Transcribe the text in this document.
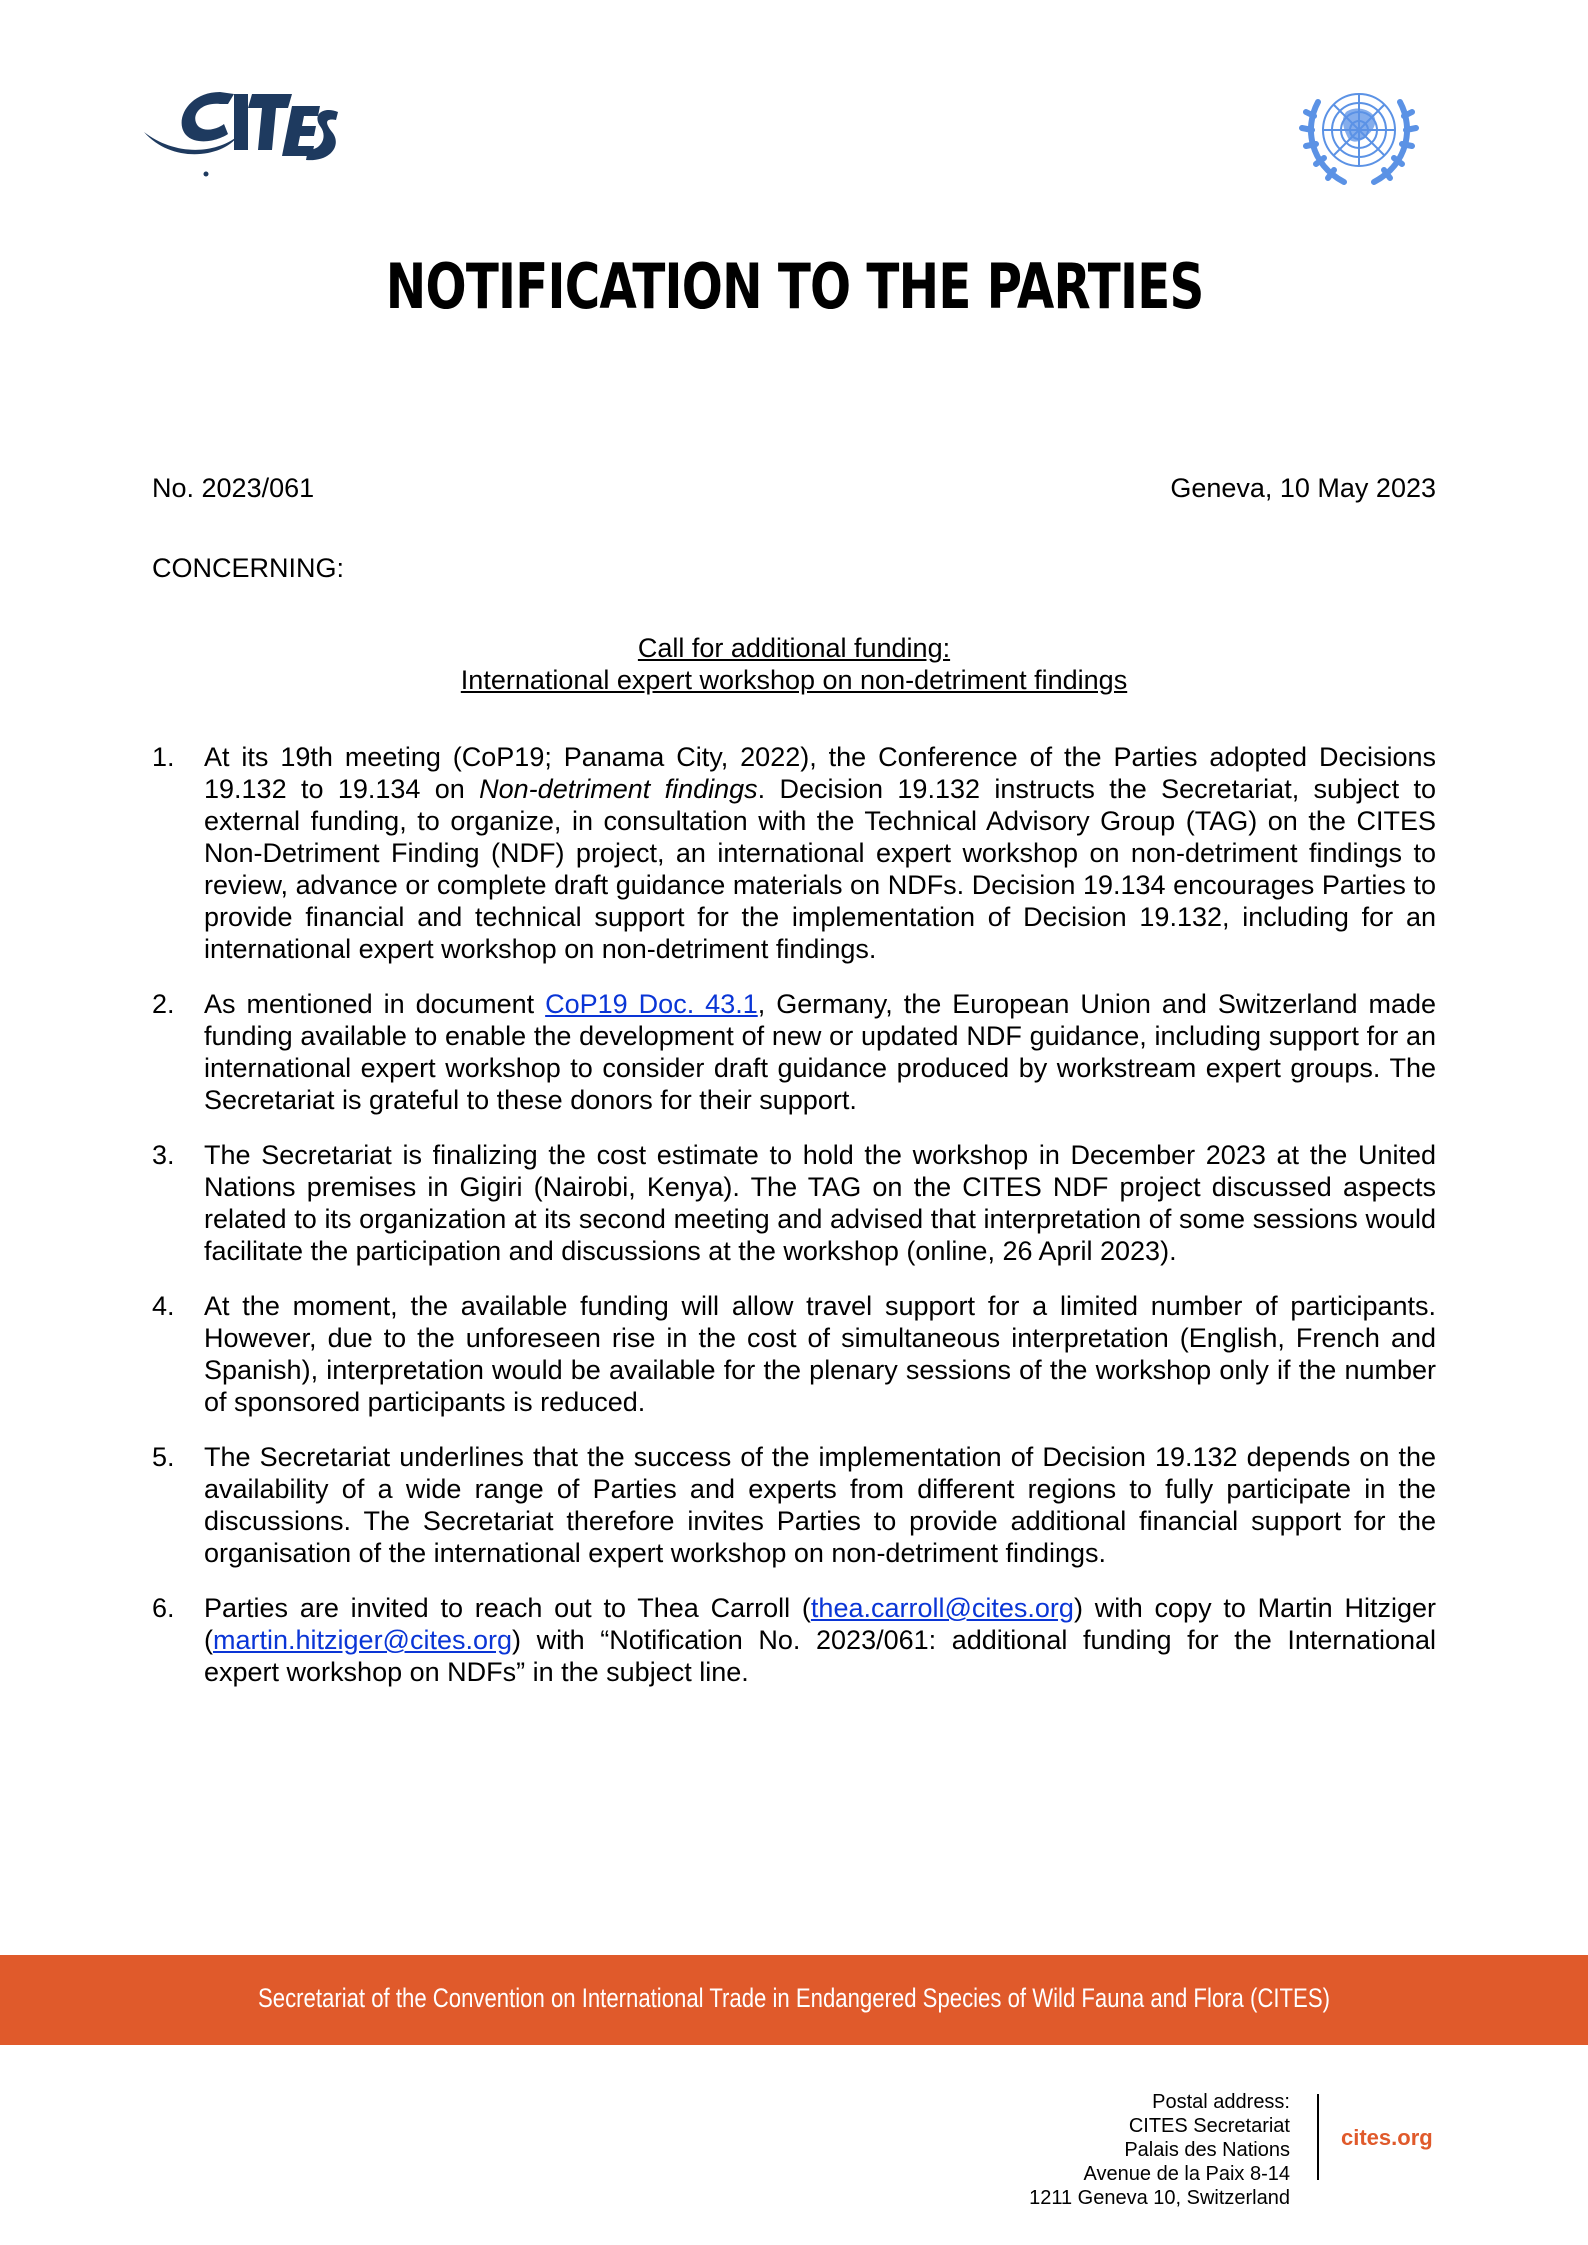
NOTIFICATION TO THE PARTIES
No. 2023/061	Geneva, 10 May 2023
CONCERNING:
Call for additional funding:
International expert workshop on non-detriment findings
1.	At its 19th meeting (CoP19; Panama City, 2022), the Conference of the Parties adopted Decisions 19.132 to 19.134 on Non-detriment findings. Decision 19.132 instructs the Secretariat, subject to external funding, to organize, in consultation with the Technical Advisory Group (TAG) on the CITES Non-Detriment Finding (NDF) project, an international expert workshop on non-detriment findings to review, advance or complete draft guidance materials on NDFs. Decision 19.134 encourages Parties to provide financial and technical support for the implementation of Decision 19.132, including for an international expert workshop on non-detriment findings.
2.	As mentioned in document CoP19 Doc. 43.1, Germany, the European Union and Switzerland made funding available to enable the development of new or updated NDF guidance, including support for an international expert workshop to consider draft guidance produced by workstream expert groups. The Secretariat is grateful to these donors for their support.
3.	The Secretariat is finalizing the cost estimate to hold the workshop in December 2023 at the United Nations premises in Gigiri (Nairobi, Kenya). The TAG on the CITES NDF project discussed aspects related to its organization at its second meeting and advised that interpretation of some sessions would facilitate the participation and discussions at the workshop (online, 26 April 2023).
4.	At the moment, the available funding will allow travel support for a limited number of participants. However, due to the unforeseen rise in the cost of simultaneous interpretation (English, French and Spanish), interpretation would be available for the plenary sessions of the workshop only if the number of sponsored participants is reduced.
5.	The Secretariat underlines that the success of the implementation of Decision 19.132 depends on the availability of a wide range of Parties and experts from different regions to fully participate in the discussions. The Secretariat therefore invites Parties to provide additional financial support for the organisation of the international expert workshop on non-detriment findings.
6.	Parties are invited to reach out to Thea Carroll (thea.carroll@cites.org) with copy to Martin Hitziger (martin.hitziger@cites.org) with “Notification No. 2023/061: additional funding for the International expert workshop on NDFs” in the subject line.
Secretariat of the Convention on International Trade in Endangered Species of Wild Fauna and Flora (CITES)
Postal address:
CITES Secretariat
Palais des Nations
Avenue de la Paix 8-14
1211 Geneva 10, Switzerland
cites.org
